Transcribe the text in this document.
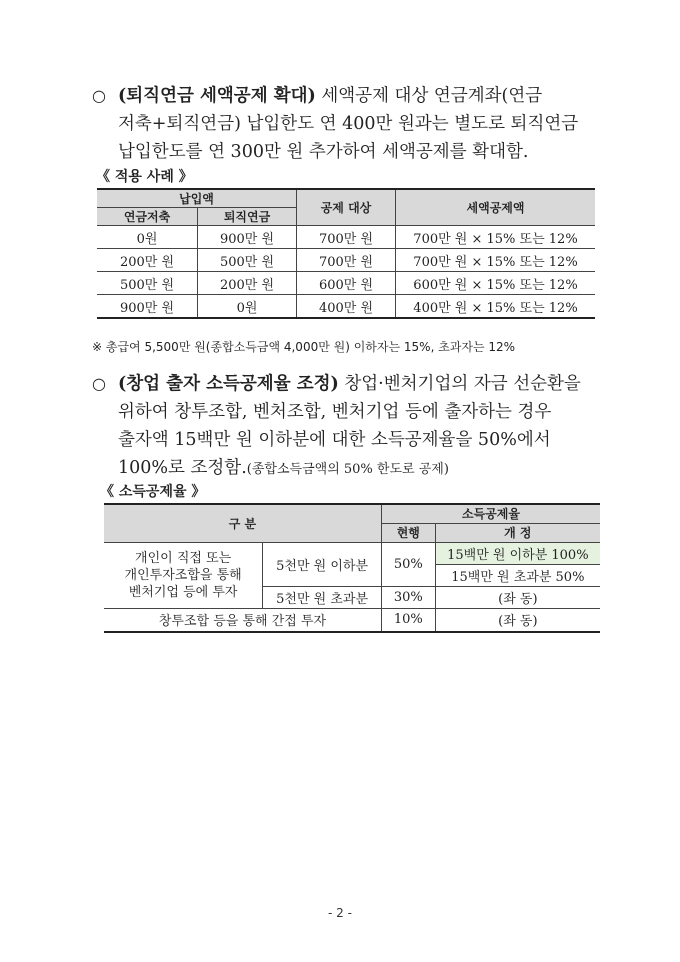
○ (퇴직연금 세액공제 확대) 세액공제 대상 연금계좌(연금
저축+퇴직연금) 납입한도 연 400만 원과는 별도로 퇴직연금
납입한도를 연 300만 원 추가하여 세액공제를 확대함.
《 적용 사례 》
납입액		공제 대상	세액공제액
연금저축	퇴직연금		
0원	900만 원	700만 원	700만 원 × 15% 또는 12%
200만 원	500만 원	700만 원	700만 원 × 15% 또는 12%
500만 원	200만 원	600만 원	600만 원 × 15% 또는 12%
900만 원	0원	400만 원	400만 원 × 15% 또는 12%
※ 총급여 5,500만 원(종합소득금액 4,000만 원) 이하자는 15%, 초과자는 12%
○ (창업 출자 소득공제율 조정) 창업·벤처기업의 자금 선순환을
위하여 창투조합, 벤처조합, 벤처기업 등에 출자하는 경우
출자액 15백만 원 이하분에 대한 소득공제율을 50%에서
100%로 조정함.(종합소득금액의 50% 한도로 공제)
《 소득공제율 》
구 분		소득공제율	
		현행	개 정
개인이 직접 또는
개인투자조합을 통해
벤처기업 등에 투자	5천만 원 이하분	50%	15백만 원 이하분 100%
			15백만 원 초과분 50%
	5천만 원 초과분	30%	(좌 동)
창투조합 등을 통해 간접 투자		10%	(좌 동)
- 2 -
